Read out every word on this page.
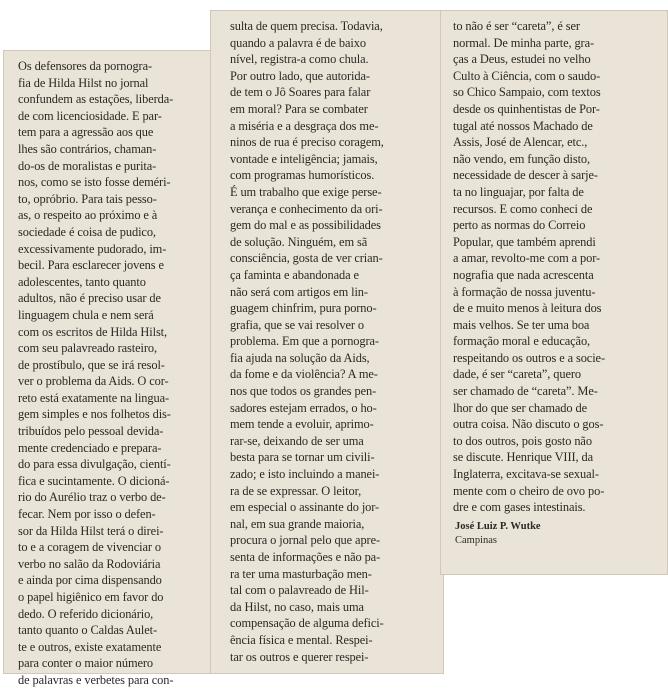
Os defensores da pornogra-
fia de Hilda Hilst no jornal
confundem as estações, liberda-
de com licenciosidade. E par-
tem para a agressão aos que
lhes são contrários, chaman-
do-os de moralistas e purita-
nos, como se isto fosse deméri-
to, opróbrio. Para tais pesso-
as, o respeito ao próximo e à
sociedade é coisa de pudico,
excessivamente pudorado, im-
becil. Para esclarecer jovens e
adolescentes, tanto quanto
adultos, não é preciso usar de
linguagem chula e nem será
com os escritos de Hilda Hilst,
com seu palavreado rasteiro,
de prostíbulo, que se irá resol-
ver o problema da Aids. O cor-
reto está exatamente na lingua-
gem simples e nos folhetos dis-
tribuídos pelo pessoal devida-
mente credenciado e prepara-
do para essa divulgação, cientí-
fica e sucintamente. O dicioná-
rio do Aurélio traz o verbo de-
fecar. Nem por isso o defen-
sor da Hilda Hilst terá o direi-
to e a coragem de vivenciar o
verbo no salão da Rodoviária
e ainda por cima dispensando
o papel higiênico em favor do
dedo. O referido dicionário,
tanto quanto o Caldas Aulet-
te e outros, existe exatamente
para conter o maior número
de palavras e verbetes para con-
sulta de quem precisa. Todavia,
quando a palavra é de baixo
nível, registra-a como chula.
Por outro lado, que autorida-
de tem o Jô Soares para falar
em moral? Para se combater
a miséria e a desgraça dos me-
ninos de rua é preciso coragem,
vontade e inteligência; jamais,
com programas humorísticos.
É um trabalho que exige perse-
verança e conhecimento da ori-
gem do mal e as possibilidades
de solução. Ninguém, em sã
consciência, gosta de ver crian-
ça faminta e abandonada e
não será com artigos em lin-
guagem chinfrim, pura porno-
grafia, que se vai resolver o
problema. Em que a pornogra-
fia ajuda na solução da Aids,
da fome e da violência? A me-
nos que todos os grandes pen-
sadores estejam errados, o ho-
mem tende a evoluir, aprimo-
rar-se, deixando de ser uma
besta para se tornar um civili-
zado; e isto incluindo a manei-
ra de se expressar. O leitor,
em especial o assinante do jor-
nal, em sua grande maioria,
procura o jornal pelo que apre-
senta de informações e não pa-
ra ter uma masturbação men-
tal com o palavreado de Hil-
da Hilst, no caso, mais uma
compensação de alguma defici-
ência física e mental. Respei-
tar os outros e querer respei-
to não é ser “careta”, é ser
normal. De minha parte, gra-
ças a Deus, estudei no velho
Culto à Ciência, com o saudo-
so Chico Sampaio, com textos
desde os quinhentistas de Por-
tugal até nossos Machado de
Assis, José de Alencar, etc.,
não vendo, em função disto,
necessidade de descer à sarje-
ta no linguajar, por falta de
recursos. E como conheci de
perto as normas do Correio
Popular, que também aprendi
a amar, revolto-me com a por-
nografia que nada acrescenta
à formação de nossa juventu-
de e muito menos à leitura dos
mais velhos. Se ter uma boa
formação moral e educação,
respeitando os outros e a socie-
dade, é ser “careta”, quero
ser chamado de “careta”. Me-
lhor do que ser chamado de
outra coisa. Não discuto o gos-
to dos outros, pois gosto não
se discute. Henrique VIII, da
Inglaterra, excitava-se sexual-
mente com o cheiro de ovo po-
dre e com gases intestinais.
José Luiz P. Wutke
Campinas
